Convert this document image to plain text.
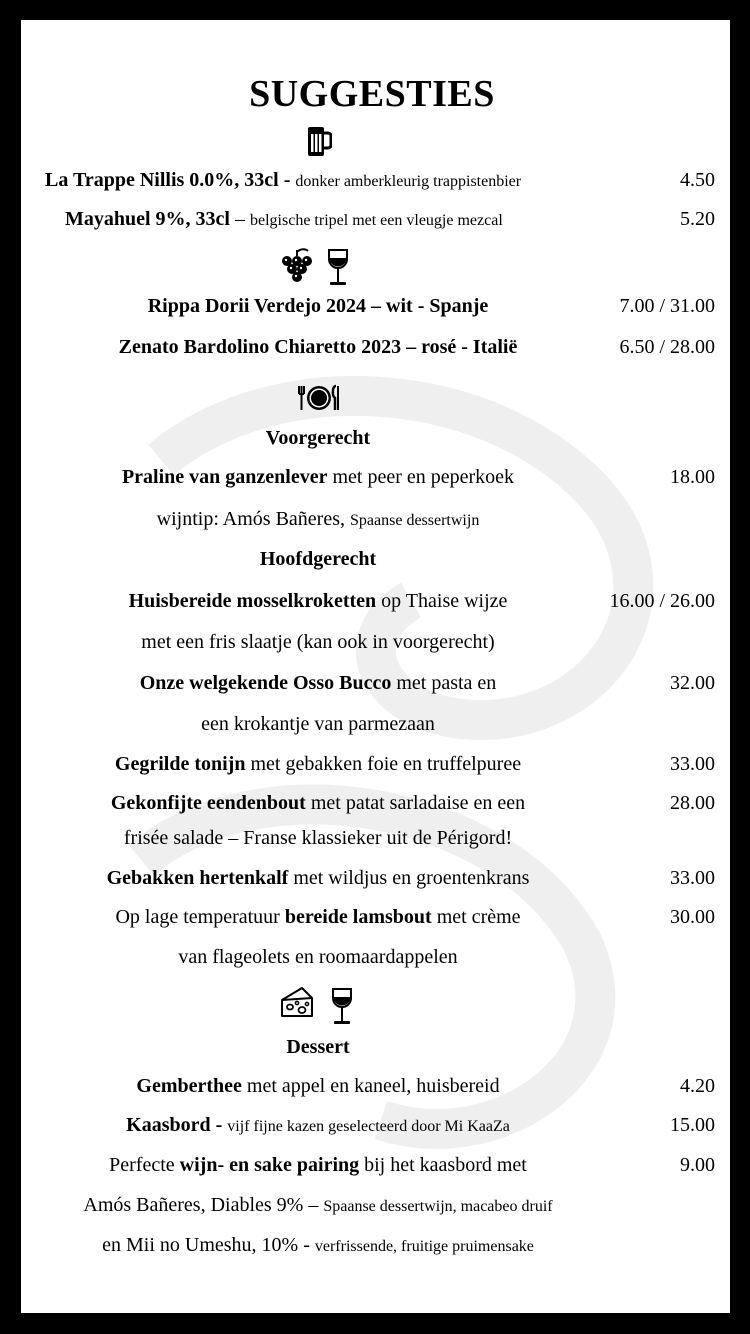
SUGGESTIES
La Trappe Nillis 0.0%, 33cl - donker amberkleurig trappistenbier	4.50
Mayahuel 9%, 33cl – belgische tripel met een vleugje mezcal	5.20
Rippa Dorii Verdejo 2024 – wit - Spanje	7.00 / 31.00
Zenato Bardolino Chiaretto 2023 – rosé - Italië	6.50 / 28.00
Voorgerecht
Praline van ganzenlever met peer en peperkoek	18.00
wijntip: Amós Bañeres, Spaanse dessertwijn
Hoofdgerecht
Huisbereide mosselkroketten op Thaise wijze	16.00 / 26.00
met een fris slaatje (kan ook in voorgerecht)
Onze welgekende Osso Bucco met pasta en	32.00
een krokantje van parmezaan
Gegrilde tonijn met gebakken foie en truffelpuree	33.00
Gekonfijte eendenbout met patat sarladaise en een	28.00
frisée salade – Franse klassieker uit de Périgord!
Gebakken hertenkalf met wildjus en groentenkrans	33.00
Op lage temperatuur bereide lamsbout met crème	30.00
van flageolets en roomaardappelen
Dessert
Gemberthee met appel en kaneel, huisbereid	4.20
Kaasbord - vijf fijne kazen geselecteerd door Mi KaaZa	15.00
Perfecte wijn- en sake pairing bij het kaasbord met	9.00
Amós Bañeres, Diables 9% – Spaanse dessertwijn, macabeo druif
en Mii no Umeshu, 10% - verfrissende, fruitige pruimensake
